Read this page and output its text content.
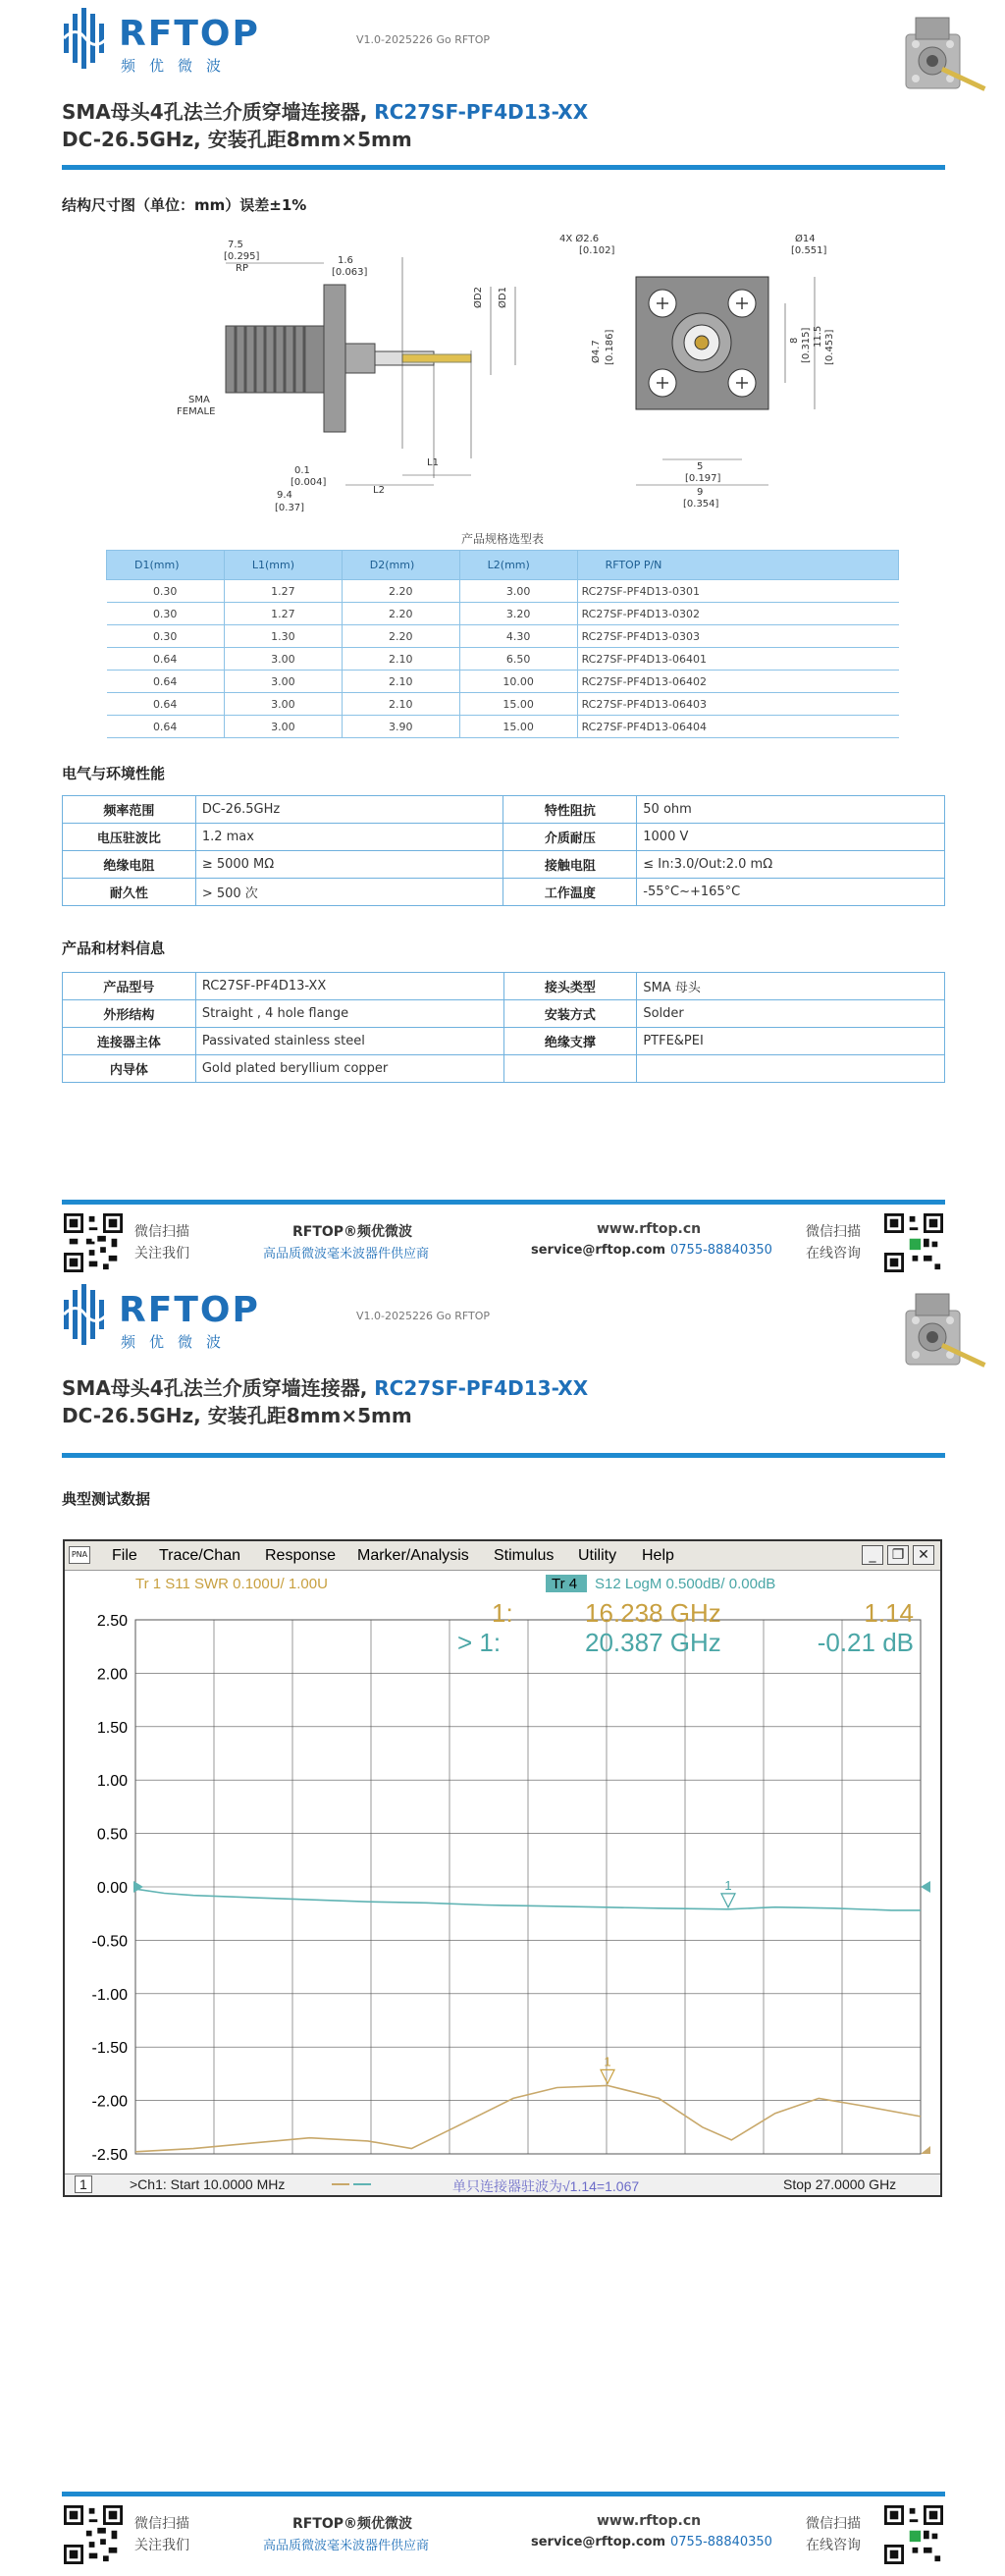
RFTOP
频优微波
V1.0-2025226 Go RFTOP
SMA母头4孔法兰介质穿墙连接器, RC27SF-PF4D13-XX
DC-26.5GHz, 安装孔距8mm×5mm
结构尺寸图（单位：mm）误差±1%
7.5
[0.295]
RP
1.6
[0.063]
ØD2 ØD1
SMA
FEMALE
0.1
[0.004]
9.4
[0.37]
L1
L2
4X Ø2.6
[0.102]
Ø14
[0.551]
Ø4.7 [0.186]	8 [0.315] 11.5 [0.453]
5
[0.197]
9
[0.354]
产品规格选型表
D1(mm)	L1(mm)	D2(mm)	L2(mm)	RFTOP P/N
0.30	1.27	2.20	3.00	RC27SF-PF4D13-0301
0.30	1.27	2.20	3.20	RC27SF-PF4D13-0302
0.30	1.30	2.20	4.30	RC27SF-PF4D13-0303
0.64	3.00	2.10	6.50	RC27SF-PF4D13-06401
0.64	3.00	2.10	10.00	RC27SF-PF4D13-06402
0.64	3.00	2.10	15.00	RC27SF-PF4D13-06403
0.64	3.00	3.90	15.00	RC27SF-PF4D13-06404
电气与环境性能
频率范围	DC-26.5GHz	特性阻抗	50 ohm
电压驻波比	1.2 max	介质耐压	1000 V
绝缘电阻	≥ 5000 MΩ	接触电阻	≤ In:3.0/Out:2.0 mΩ
耐久性	> 500 次	工作温度	-55°C~+165°C
产品和材料信息
产品型号	RC27SF-PF4D13-XX	接头类型	SMA 母头
外形结构	Straight , 4 hole flange	安装方式	Solder
连接器主体	Passivated stainless steel	绝缘支撑	PTFE&PEI
内导体	Gold plated beryllium copper		
微信扫描
关注我们
RFTOP®频优微波
高品质微波毫米波器件供应商
www.rftop.cn
service@rftop.com 0755-88840350
微信扫描
在线咨询
RFTOP
频优微波
V1.0-2025226 Go RFTOP
SMA母头4孔法兰介质穿墙连接器, RC27SF-PF4D13-XX
DC-26.5GHz, 安装孔距8mm×5mm
典型测试数据
PNA File Trace/Chan Response Marker/Analysis Stimulus Utility Help	_	❐ ✕
2.50
2.00
1.50
1.00
0.50
0.00
-0.50
-1.00
-1.50
-2.00
-2.50
Tr 1 S11 SWR 0.100U/ 1.00U	Tr 4 S12 LogM 0.500dB/ 0.00dB
1:	16.238 GHz	1.14
> 1:	20.387 GHz	-0.21 dB
1
1
1	>Ch1: Start 10.0000 MHz	单只连接器驻波为√1.14=1.067	Stop 27.0000 GHz
微信扫描
关注我们
RFTOP®频优微波
高品质微波毫米波器件供应商
www.rftop.cn
service@rftop.com 0755-88840350
微信扫描
在线咨询
